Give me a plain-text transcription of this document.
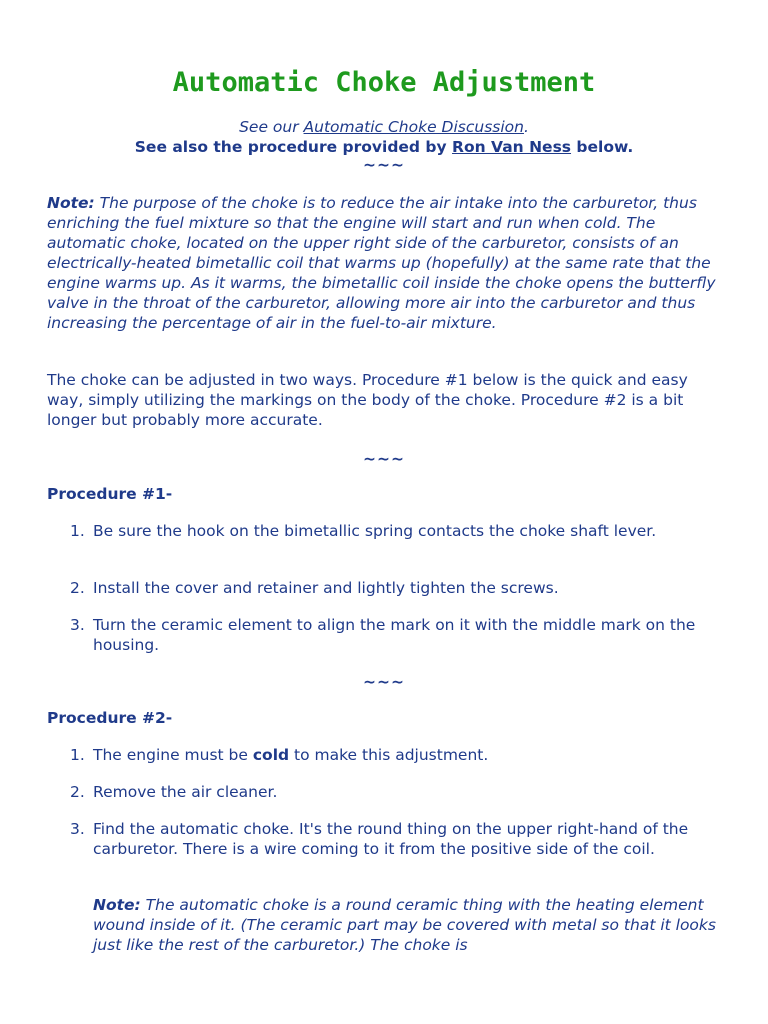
Automatic Choke Adjustment
See our Automatic Choke Discussion.
See also the procedure provided by Ron Van Ness below.
~~~
Note: The purpose of the choke is to reduce the air intake into the carburetor, thus enriching the fuel mixture so that the engine will start and run when cold. The automatic choke, located on the upper right side of the carburetor, consists of an electrically-heated bimetallic coil that warms up (hopefully) at the same rate that the engine warms up. As it warms, the bimetallic coil inside the choke opens the butterfly valve in the throat of the carburetor, allowing more air into the carburetor and thus increasing the percentage of air in the fuel-to-air mixture.
The choke can be adjusted in two ways. Procedure #1 below is the quick and easy way, simply utilizing the markings on the body of the choke. Procedure #2 is a bit longer but probably more accurate.
~~~
Procedure #1-
1. Be sure the hook on the bimetallic spring contacts the choke shaft lever.
2. Install the cover and retainer and lightly tighten the screws.
3. Turn the ceramic element to align the mark on it with the middle mark on the housing.
~~~
Procedure #2-
1. The engine must be cold to make this adjustment.
2. Remove the air cleaner.
3. Find the automatic choke. It's the round thing on the upper right-hand of the carburetor. There is a wire coming to it from the positive side of the coil.
Note: The automatic choke is a round ceramic thing with the heating element wound inside of it. (The ceramic part may be covered with metal so that it looks just like the rest of the carburetor.) The choke is
